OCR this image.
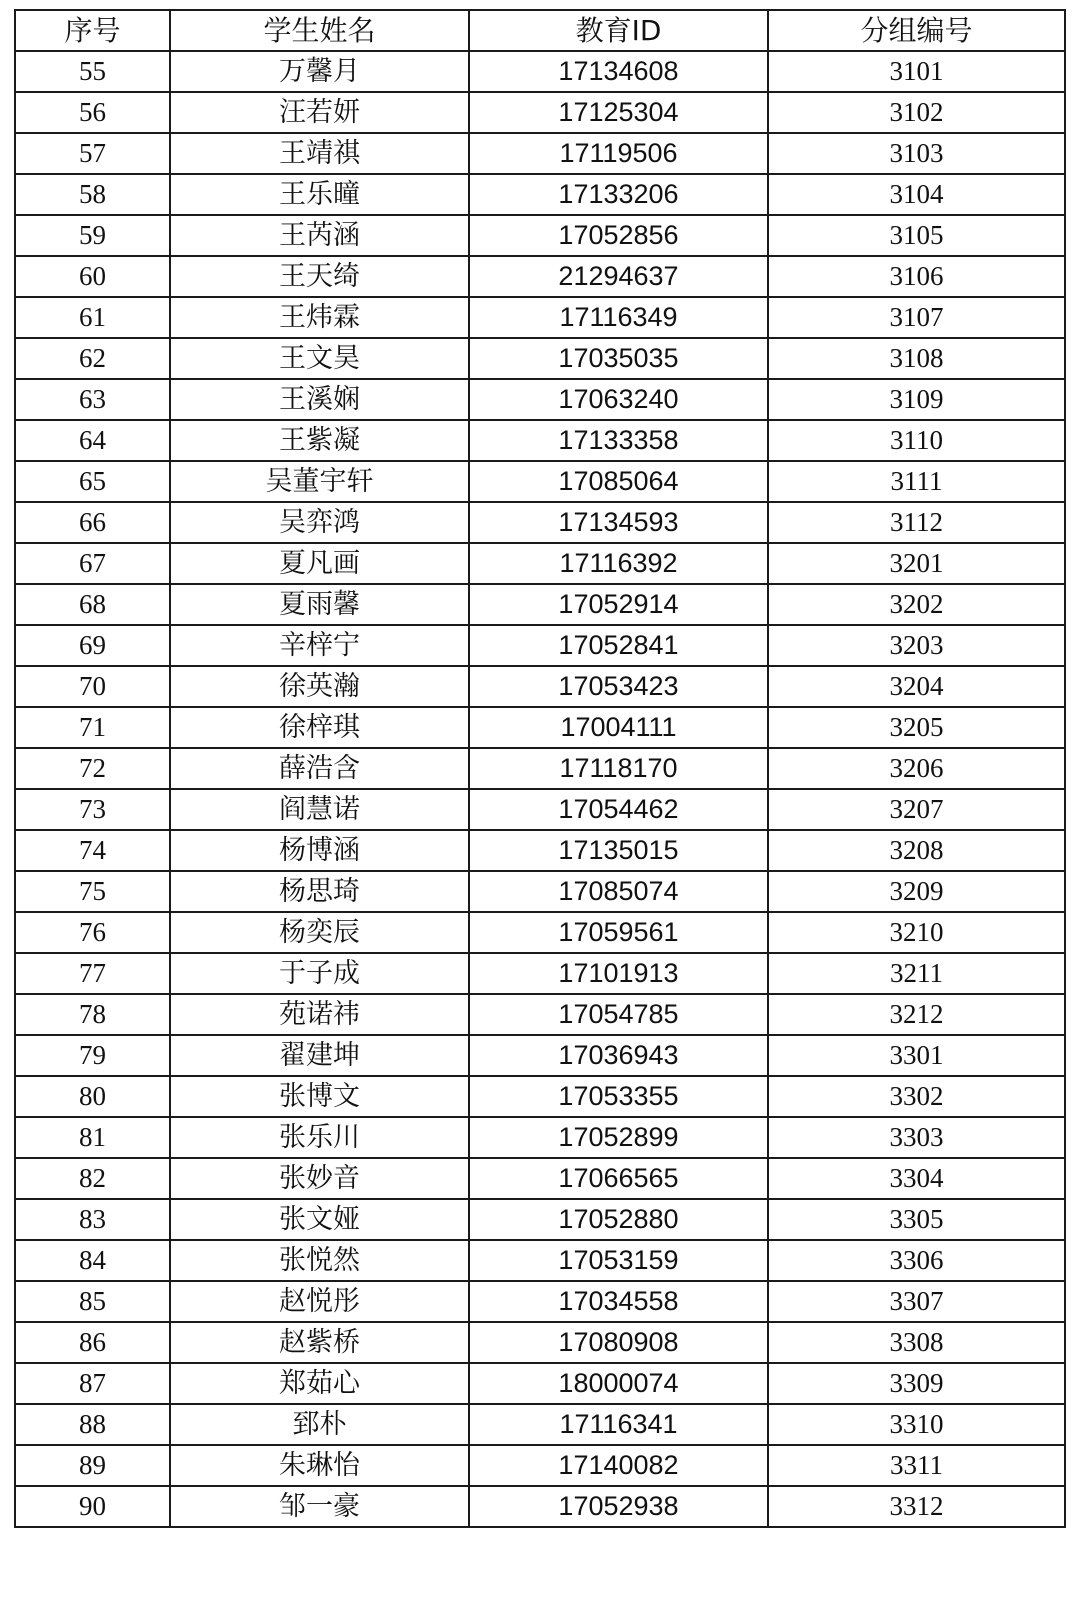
序号	学生姓名	教育ID	分组编号
55	万馨月	17134608	3101
56	汪若妍	17125304	3102
57	王靖祺	17119506	3103
58	王乐曈	17133206	3104
59	王芮涵	17052856	3105
60	王天绮	21294637	3106
61	王炜霖	17116349	3107
62	王文昊	17035035	3108
63	王溪娴	17063240	3109
64	王紫凝	17133358	3110
65	吴董宇轩	17085064	3111
66	吴弈鸿	17134593	3112
67	夏凡画	17116392	3201
68	夏雨馨	17052914	3202
69	辛梓宁	17052841	3203
70	徐英瀚	17053423	3204
71	徐梓琪	17004111	3205
72	薛浩含	17118170	3206
73	阎慧诺	17054462	3207
74	杨博涵	17135015	3208
75	杨思琦	17085074	3209
76	杨奕辰	17059561	3210
77	于子成	17101913	3211
78	苑诺祎	17054785	3212
79	翟建坤	17036943	3301
80	张博文	17053355	3302
81	张乐川	17052899	3303
82	张妙音	17066565	3304
83	张文娅	17052880	3305
84	张悦然	17053159	3306
85	赵悦彤	17034558	3307
86	赵紫桥	17080908	3308
87	郑茹心	18000074	3309
88	郅朴	17116341	3310
89	朱琳怡	17140082	3311
90	邹一豪	17052938	3312
